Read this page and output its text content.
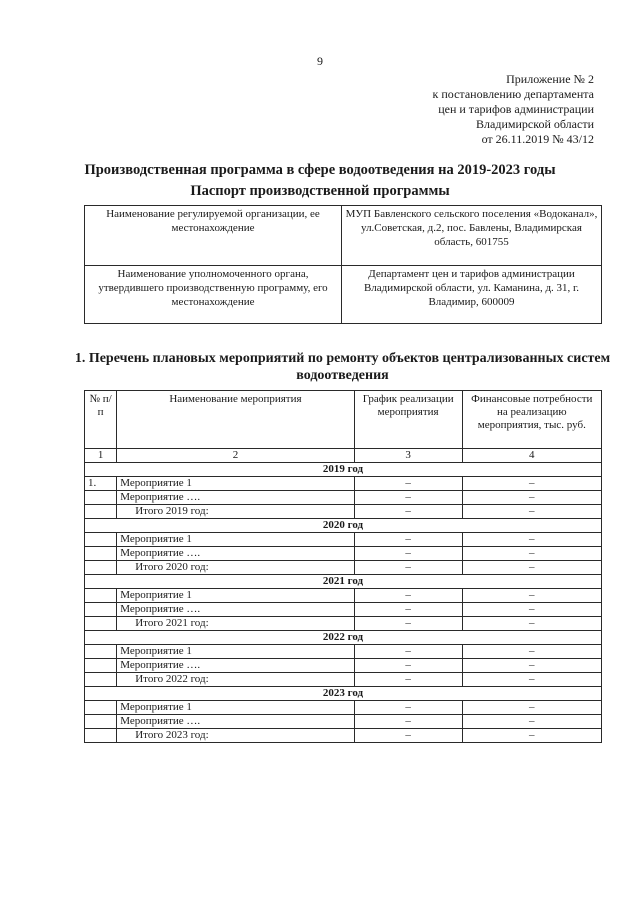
9
Приложение № 2
к постановлению департамента
цен и тарифов администрации
Владимирской области
от 26.11.2019 № 43/12
Производственная программа в сфере водоотведения на 2019-2023 годы
Паспорт производственной программы
Наименование регулируемой организации, ее местонахождение	МУП Бавленского сельского поселения «Водоканал», ул.Советская, д.2, пос. Бавлены, Владимирская область, 601755
Наименование уполномоченного органа, утвердившего производственную программу, его местонахождение	Департамент цен и тарифов администрации Владимирской области, ул. Каманина, д. 31, г. Владимир, 600009
1. Перечень плановых мероприятий по ремонту объектов централизованных систем водоотведения
№ п/п	Наименование мероприятия	График реализации мероприятия	Финансовые потребности на реализацию мероприятия, тыс. руб.
1	2	3	4
2019 год			
1.	Мероприятие 1	–	–
	Мероприятие ….	–	–
	Итого 2019 год:	–	–
2020 год			
	Мероприятие 1	–	–
	Мероприятие ….	–	–
	Итого 2020 год:	–	–
2021 год			
	Мероприятие 1	–	–
	Мероприятие ….	–	–
	Итого 2021 год:	–	–
2022 год			
	Мероприятие 1	–	–
	Мероприятие ….	–	–
	Итого 2022 год:	–	–
2023 год			
	Мероприятие 1	–	–
	Мероприятие ….	–	–
	Итого 2023 год:	–	–
